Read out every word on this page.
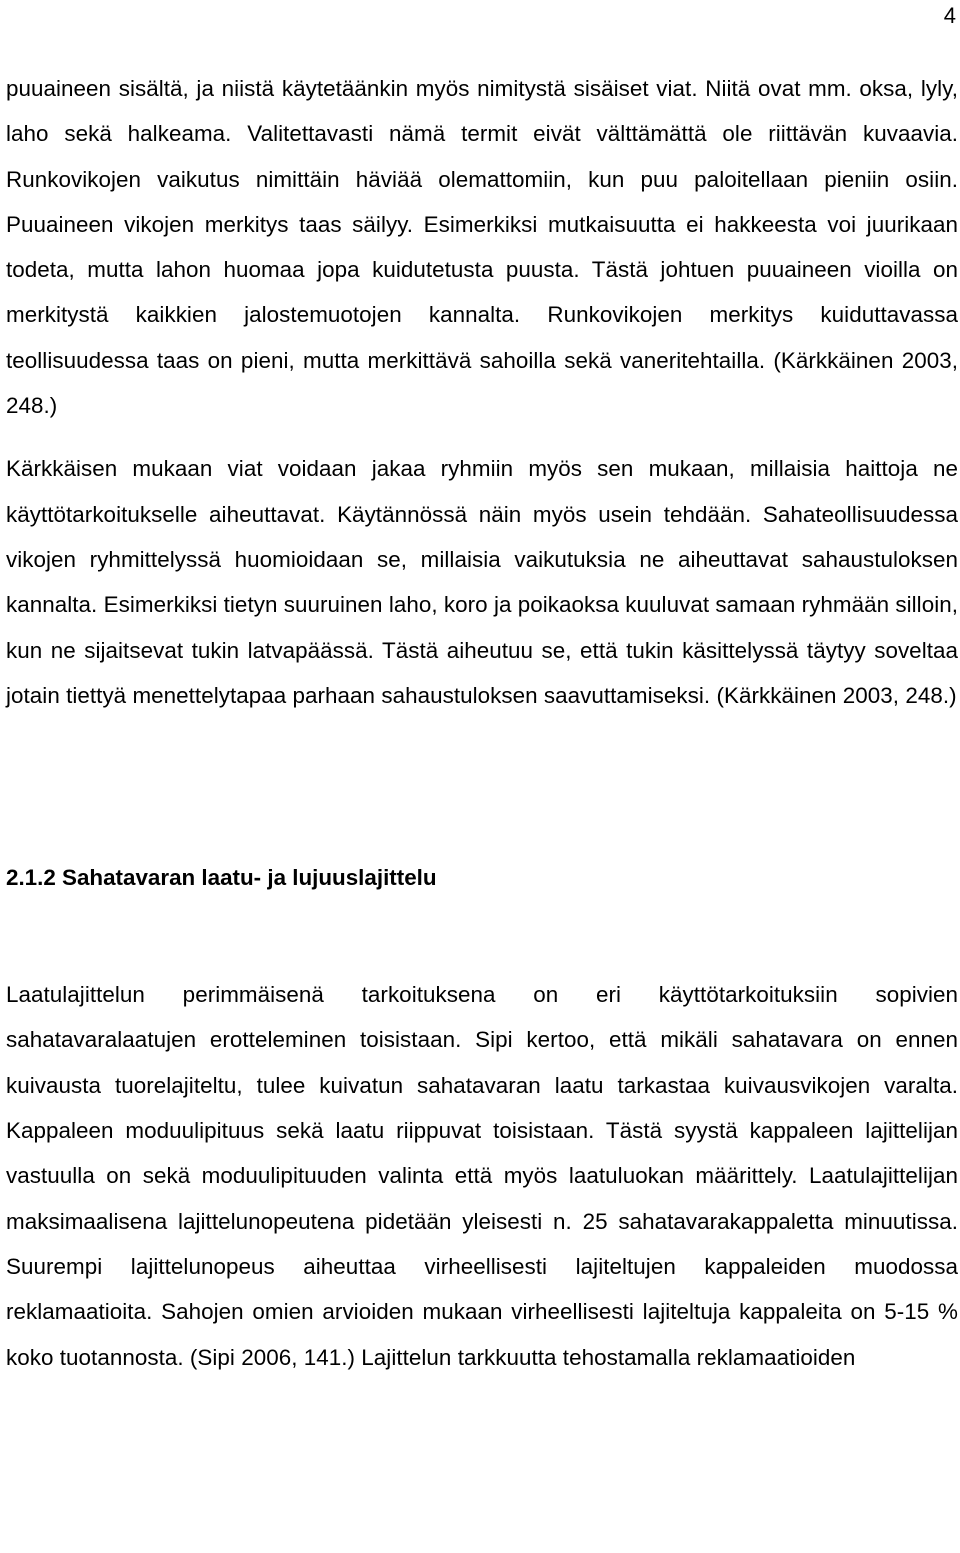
4

puuaineen sisältä, ja niistä käytetäänkin myös nimitystä sisäiset viat. Niitä ovat mm. oksa, lyly, laho sekä halkeama. Valitettavasti nämä termit eivät välttämättä ole riittävän kuvaavia. Runkovikojen vaikutus nimittäin häviää olemattomiin, kun puu paloitellaan pieniin osiin. Puuaineen vikojen merkitys taas säilyy. Esimerkiksi mutkaisuutta ei hakkeesta voi juurikaan todeta, mutta lahon huomaa jopa kuidutetusta puusta. Tästä johtuen puuaineen vioilla on merkitystä kaikkien jalostemuotojen kannalta. Runkovikojen merkitys kuiduttavassa teollisuudessa taas on pieni, mutta merkittävä sahoilla sekä vaneritehtailla. (Kärkkäinen 2003, 248.)

Kärkkäisen mukaan viat voidaan jakaa ryhmiin myös sen mukaan, millaisia haittoja ne käyttötarkoitukselle aiheuttavat. Käytännössä näin myös usein tehdään. Sahateollisuudessa vikojen ryhmittelyssä huomioidaan se, millaisia vaikutuksia ne aiheuttavat sahaustuloksen kannalta. Esimerkiksi tietyn suuruinen laho, koro ja poikaoksa kuuluvat samaan ryhmään silloin, kun ne sijaitsevat tukin latvapäässä. Tästä aiheutuu se, että tukin käsittelyssä täytyy soveltaa jotain tiettyä menettelytapaa parhaan sahaustuloksen saavuttamiseksi. (Kärkkäinen 2003, 248.)

2.1.2 Sahatavaran laatu- ja lujuuslajittelu

Laatulajittelun perimmäisenä tarkoituksena on eri käyttötarkoituksiin sopivien sahatavaralaatujen erotteleminen toisistaan. Sipi kertoo, että mikäli sahatavara on ennen kuivausta tuorelajiteltu, tulee kuivatun sahatavaran laatu tarkastaa kuivausvikojen varalta. Kappaleen moduulipituus sekä laatu riippuvat toisistaan. Tästä syystä kappaleen lajittelijan vastuulla on sekä moduulipituuden valinta että myös laatuluokan määrittely. Laatulajittelijan maksimaalisena lajittelunopeutena pidetään yleisesti n. 25 sahatavarakappaletta minuutissa. Suurempi lajittelunopeus aiheuttaa virheellisesti lajiteltujen kappaleiden muodossa reklamaatioita. Sahojen omien arvioiden mukaan virheellisesti lajiteltuja kappaleita on 5-15 % koko tuotannosta. (Sipi 2006, 141.) Lajittelun tarkkuutta tehostamalla reklamaatioiden
